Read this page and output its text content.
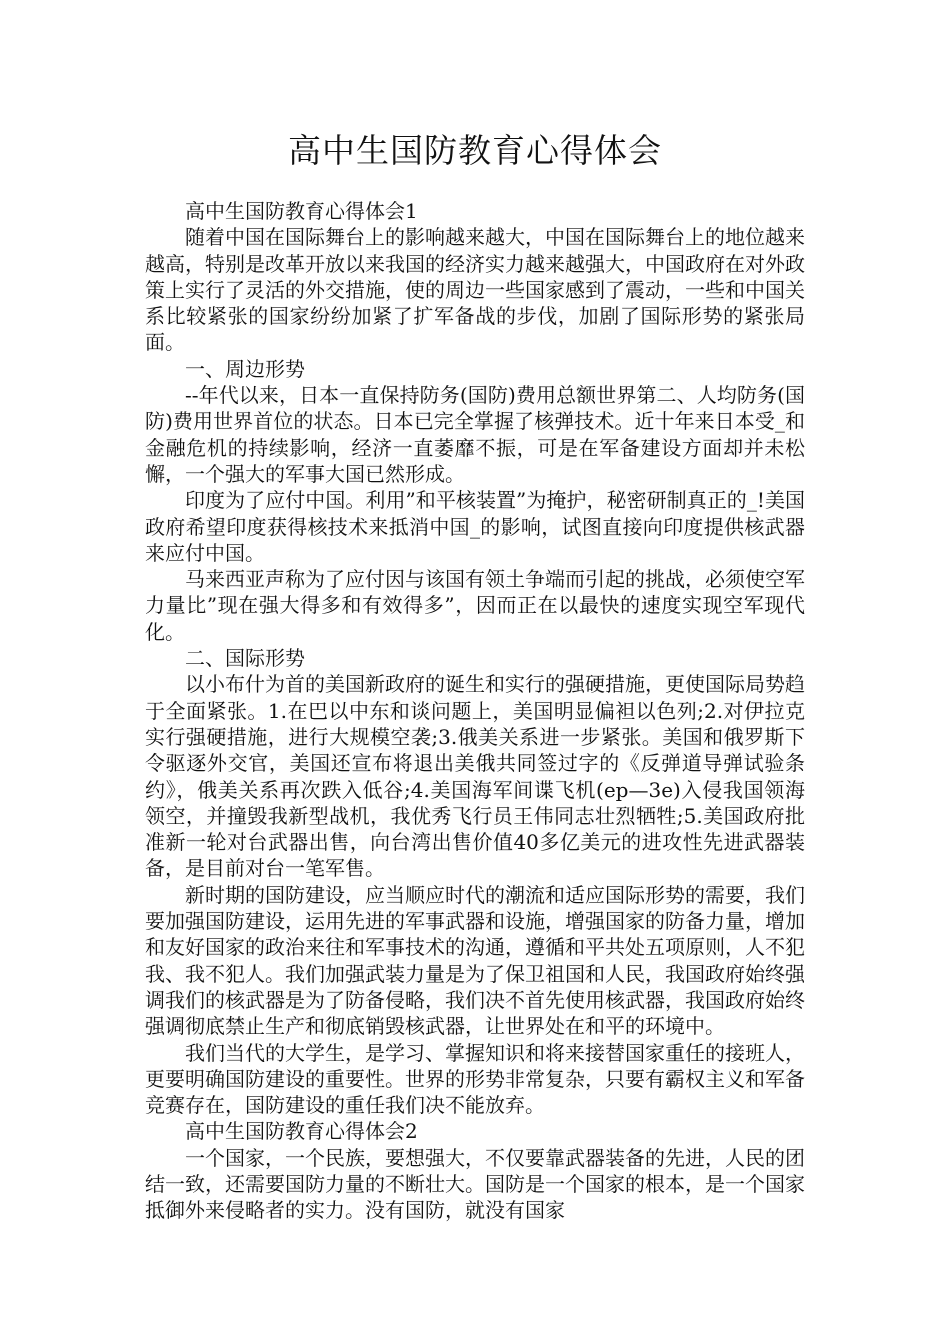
高中生国防教育心得体会

高中生国防教育心得体会1

随着中国在国际舞台上的影响越来越大，中国在国际舞台上的地位越来越高，特别是改革开放以来我国的经济实力越来越强大，中国政府在对外政策上实行了灵活的外交措施，使的周边一些国家感到了震动，一些和中国关系比较紧张的国家纷纷加紧了扩军备战的步伐，加剧了国际形势的紧张局面。

一、周边形势

--年代以来，日本一直保持防务(国防)费用总额世界第二、人均防务(国防)费用世界首位的状态。日本已完全掌握了核弹技术。近十年来日本受_和金融危机的持续影响，经济一直萎靡不振，可是在军备建设方面却并未松懈，一个强大的军事大国已然形成。

印度为了应付中国。利用”和平核装置”为掩护，秘密研制真正的_!美国政府希望印度获得核技术来抵消中国_的影响，试图直接向印度提供核武器来应付中国。

马来西亚声称为了应付因与该国有领土争端而引起的挑战，必须使空军力量比”现在强大得多和有效得多”，因而正在以最快的速度实现空军现代化。

二、国际形势

以小布什为首的美国新政府的诞生和实行的强硬措施，更使国际局势趋于全面紧张。1.在巴以中东和谈问题上，美国明显偏袒以色列;2.对伊拉克实行强硬措施，进行大规模空袭;3.俄美关系进一步紧张。美国和俄罗斯下令驱逐外交官，美国还宣布将退出美俄共同签过字的《反弹道导弹试验条约》，俄美关系再次跌入低谷;4.美国海军间谍飞机(ep—3e)入侵我国领海领空，并撞毁我新型战机，我优秀飞行员王伟同志壮烈牺牲;5.美国政府批准新一轮对台武器出售，向台湾出售价值40多亿美元的进攻性先进武器装备，是目前对台一笔军售。

新时期的国防建设，应当顺应时代的潮流和适应国际形势的需要，我们要加强国防建设，运用先进的军事武器和设施，增强国家的防备力量，增加和友好国家的政治来往和军事技术的沟通，遵循和平共处五项原则，人不犯我、我不犯人。我们加强武装力量是为了保卫祖国和人民，我国政府始终强调我们的核武器是为了防备侵略，我们决不首先使用核武器，我国政府始终强调彻底禁止生产和彻底销毁核武器，让世界处在和平的环境中。

我们当代的大学生，是学习、掌握知识和将来接替国家重任的接班人，更要明确国防建设的重要性。世界的形势非常复杂，只要有霸权主义和军备竞赛存在，国防建设的重任我们决不能放弃。

高中生国防教育心得体会2

一个国家，一个民族，要想强大，不仅要靠武器装备的先进，人民的团结一致，还需要国防力量的不断壮大。国防是一个国家的根本，是一个国家抵御外来侵略者的实力。没有国防，就没有国家
